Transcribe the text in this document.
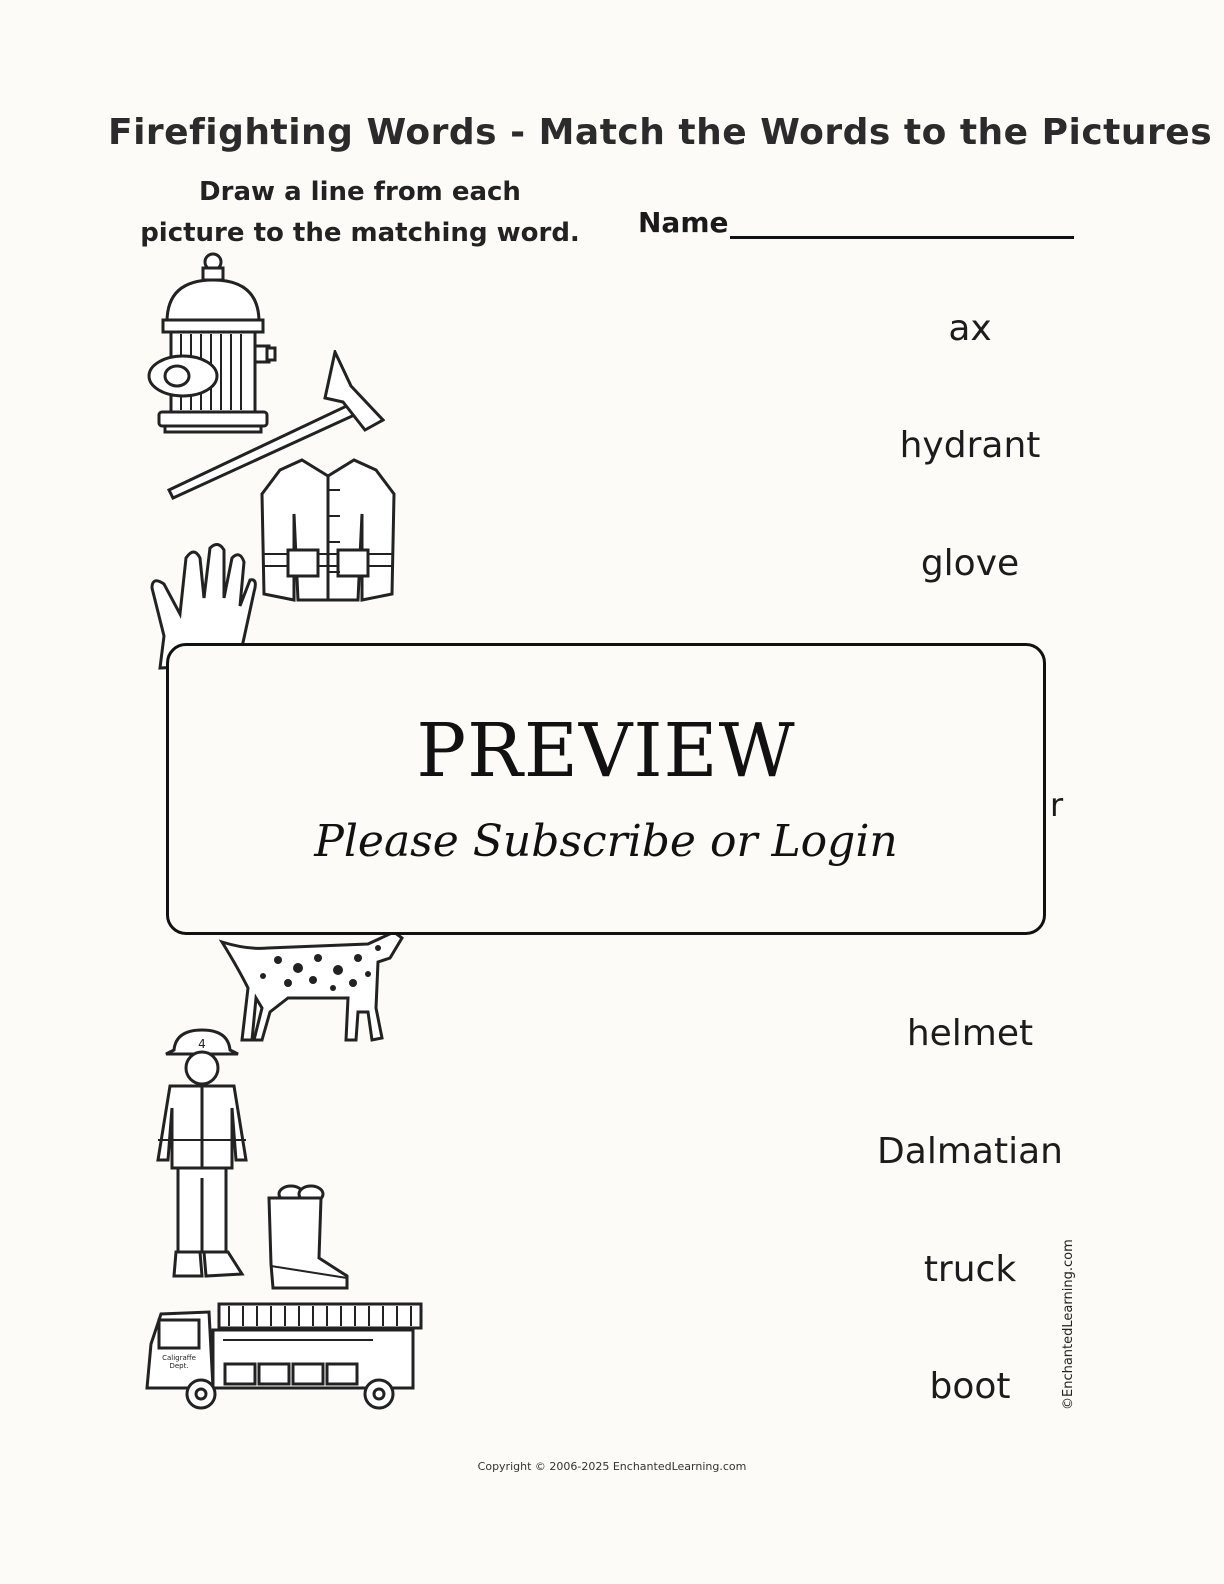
Firefighting Words - Match the Words to the Pictures
Draw a line from each
picture to the matching word. Name
ax
hydrant
glove
r
helmet
Dalmatian
truck
boot
4
Caligraffe
Dept.
PREVIEW
Please Subscribe or Login
©EnchantedLearning.com
Copyright © 2006-2025 EnchantedLearning.com
